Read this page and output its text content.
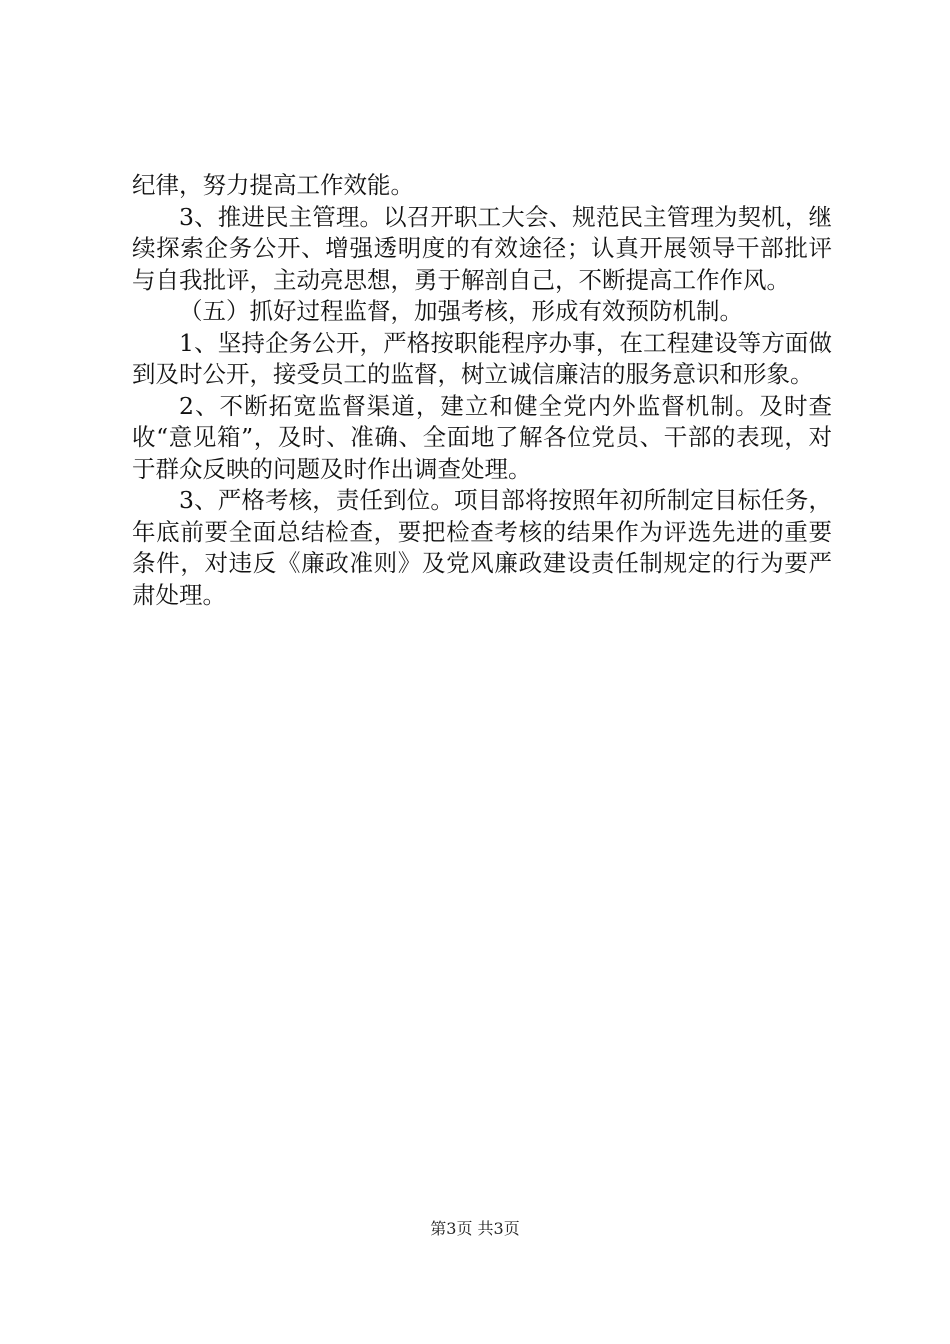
纪律，努力提高工作效能。

3、推进民主管理。以召开职工大会、规范民主管理为契机，继续探索企务公开、增强透明度的有效途径；认真开展领导干部批评与自我批评，主动亮思想，勇于解剖自己，不断提高工作作风。

（五）抓好过程监督，加强考核，形成有效预防机制。

1、坚持企务公开，严格按职能程序办事，在工程建设等方面做到及时公开，接受员工的监督，树立诚信廉洁的服务意识和形象。

2、不断拓宽监督渠道，建立和健全党内外监督机制。及时查收“意见箱”，及时、准确、全面地了解各位党员、干部的表现，对于群众反映的问题及时作出调查处理。

3、严格考核，责任到位。项目部将按照年初所制定目标任务，年底前要全面总结检查，要把检查考核的结果作为评选先进的重要条件，对违反《廉政准则》及党风廉政建设责任制规定的行为要严肃处理。

第3页 共3页
